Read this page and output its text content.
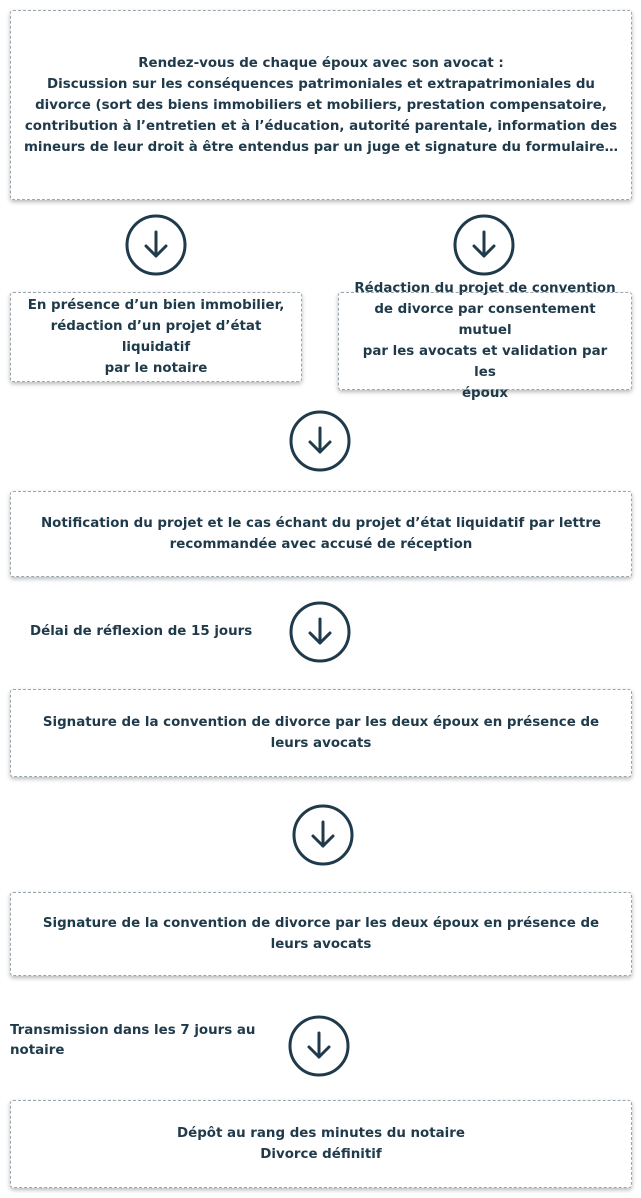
Rendez-vous de chaque époux avec son avocat :
Discussion sur les conséquences patrimoniales et extrapatrimoniales du
divorce (sort des biens immobiliers et mobiliers, prestation compensatoire,
contribution à l’entretien et à l’éducation, autorité parentale, information des
mineurs de leur droit à être entendus par un juge et signature du formulaire…
En présence d’un bien immobilier,
rédaction d’un projet d’état liquidatif
par le notaire
Rédaction du projet de convention
de divorce par consentement mutuel
par les avocats et validation par les
époux
Notification du projet et le cas échant du projet d’état liquidatif par lettre
recommandée avec accusé de réception
Délai de réflexion de 15 jours
Signature de la convention de divorce par les deux époux en présence de
leurs avocats
Signature de la convention de divorce par les deux époux en présence de
leurs avocats
Transmission dans les 7 jours au
notaire
Dépôt au rang des minutes du notaire
Divorce définitif
